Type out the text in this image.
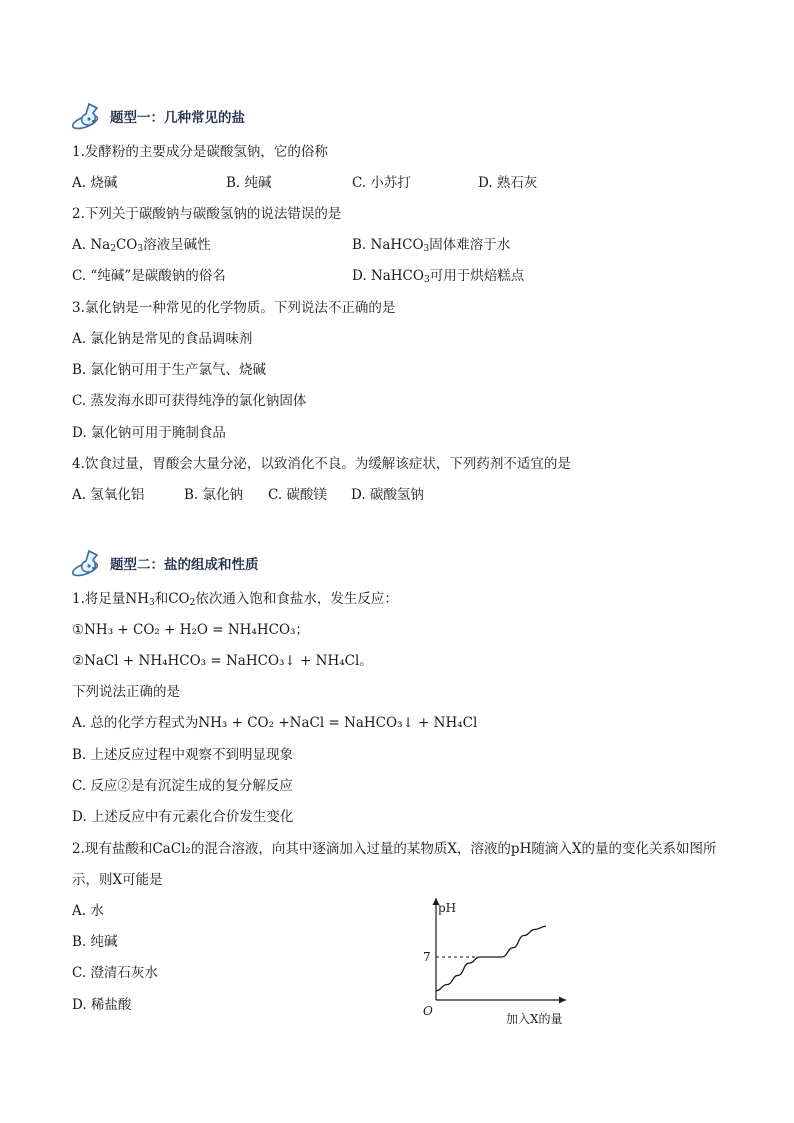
题型一：几种常见的盐
1.发酵粉的主要成分是碳酸氢钠，它的俗称
A. 烧碱	B. 纯碱	C. 小苏打	D. 熟石灰
2.下列关于碳酸钠与碳酸氢钠的说法错误的是
A. $Na_2CO_3$溶液呈碱性	B. NaHCO$_3$固体难溶于水
C. “纯碱”是碳酸钠的俗名	D. NaHCO$_3$可用于烘焙糕点
3.氯化钠是一种常见的化学物质。下列说法不正确的是
A. 氯化钠是常见的食品调味剂
B. 氯化钠可用于生产氯气、烧碱
C. 蒸发海水即可获得纯净的氯化钠固体
D. 氯化钠可用于腌制食品
4.饮食过量，胃酸会大量分泌，以致消化不良。为缓解该症状，下列药剂不适宜的是
A. 氢氧化铝	B. 氯化钠 C. 碳酸镁 D. 碳酸氢钠
题型二：盐的组成和性质
1.将足量$NH_3$和$CO_2$依次通入饱和食盐水，发生反应：
①NH₃ + CO₂ + H₂O = NH₄HCO₃；
②NaCl + NH₄HCO₃ = NaHCO₃↓ + NH₄Cl。
下列说法正确的是
A. 总的化学方程式为NH₃ + CO₂ +NaCl = NaHCO₃↓ + NH₄Cl
B. 上述反应过程中观察不到明显现象
C. 反应②是有沉淀生成的复分解反应
D. 上述反应中有元素化合价发生变化
2.现有盐酸和CaCl₂的混合溶液，向其中逐滴加入过量的某物质X，溶液的pH随滴入X的量的变化关系如图所
示，则X可能是
A. 水
B. 纯碱
C. 澄清石灰水
D. 稀盐酸
pH
加入X的量
O
7
